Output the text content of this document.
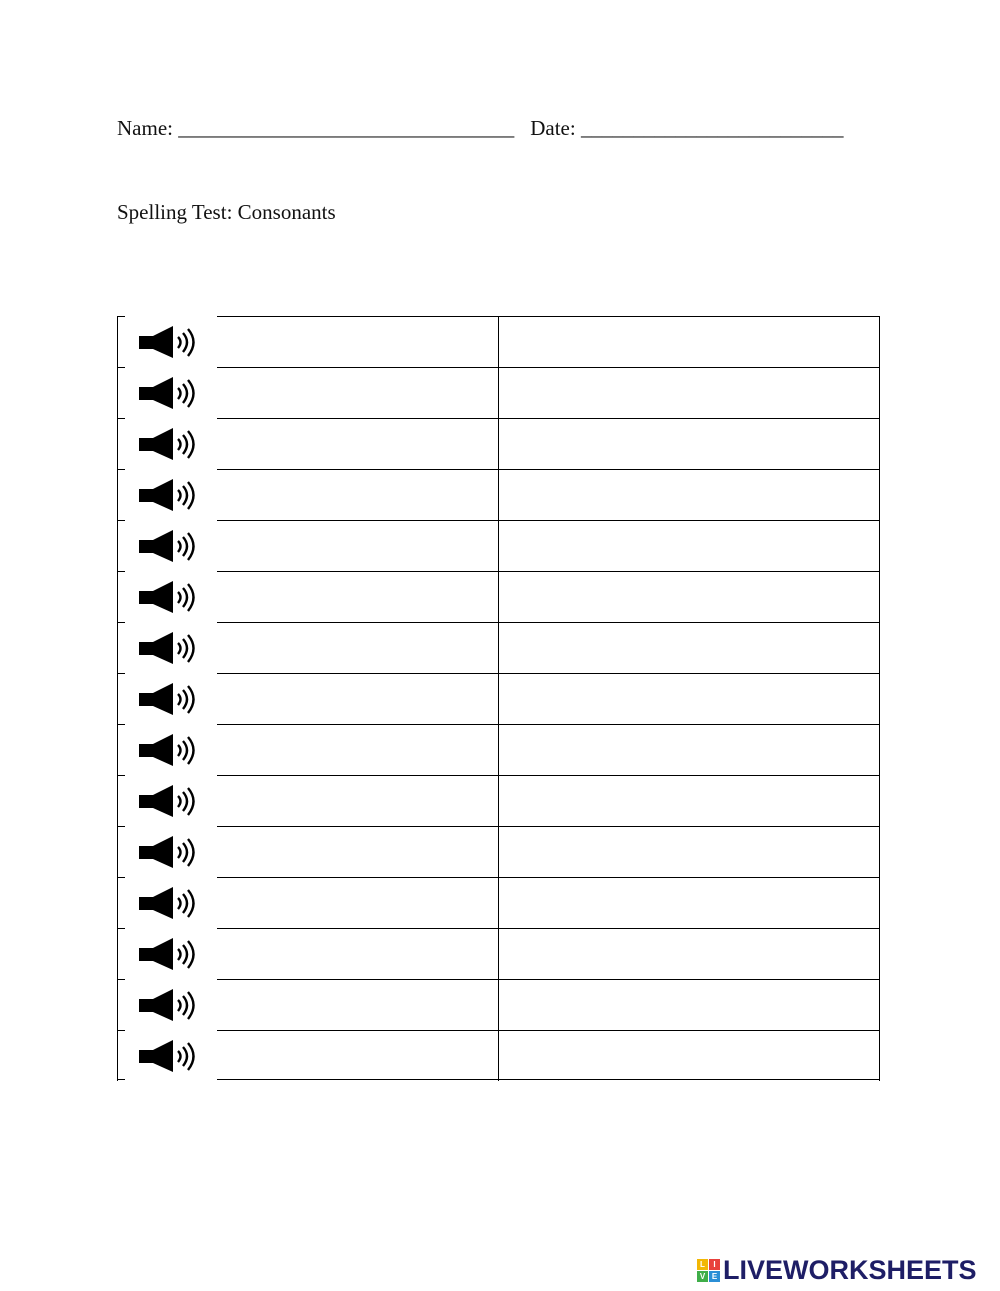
Name: ________________________________ Date: _________________________
Spelling Test: Consonants
L	I
V E LIVEWORKSHEETS
